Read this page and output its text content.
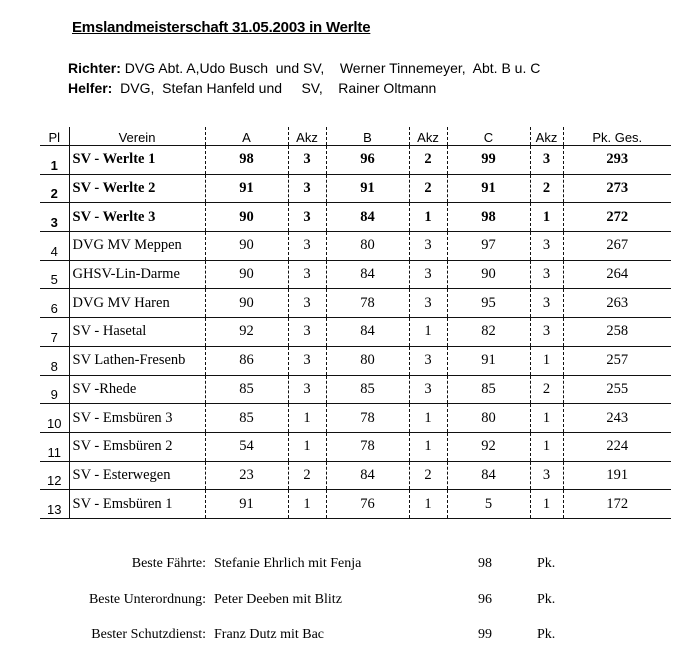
Emslandmeisterschaft 31.05.2003 in Werlte
Richter: DVG Abt. A,Udo Busch  und SV,    Werner Tinnemeyer,  Abt. B u. C
Helfer:  DVG,  Stefan Hanfeld und     SV,    Rainer Oltmann
Pl	Verein	A	Akz	B	Akz	C	Akz	Pk. Ges.
1	SV - Werlte 1	98	3	96	2	99	3	293
2	SV - Werlte 2	91	3	91	2	91	2	273
3	SV - Werlte 3	90	3	84	1	98	1	272
4	DVG MV Meppen	90	3	80	3	97	3	267
5	GHSV-Lin-Darme	90	3	84	3	90	3	264
6	DVG MV Haren	90	3	78	3	95	3	263
7	SV - Hasetal	92	3	84	1	82	3	258
8	SV Lathen-Fresenb	86	3	80	3	91	1	257
9	SV -Rhede	85	3	85	3	85	2	255
10	SV - Emsbüren 3	85	1	78	1	80	1	243
11	SV - Emsbüren 2	54	1	78	1	92	1	224
12	SV - Esterwegen	23	2	84	2	84	3	191
13	SV - Emsbüren 1	91	1	76	1	5	1	172
Beste Fährte: Stefanie Ehrlich mit Fenja	98	Pk.
Beste Unterordnung: Peter Deeben mit Blitz	96	Pk.
Bester Schutzdienst: Franz Dutz mit Bac	99	Pk.
